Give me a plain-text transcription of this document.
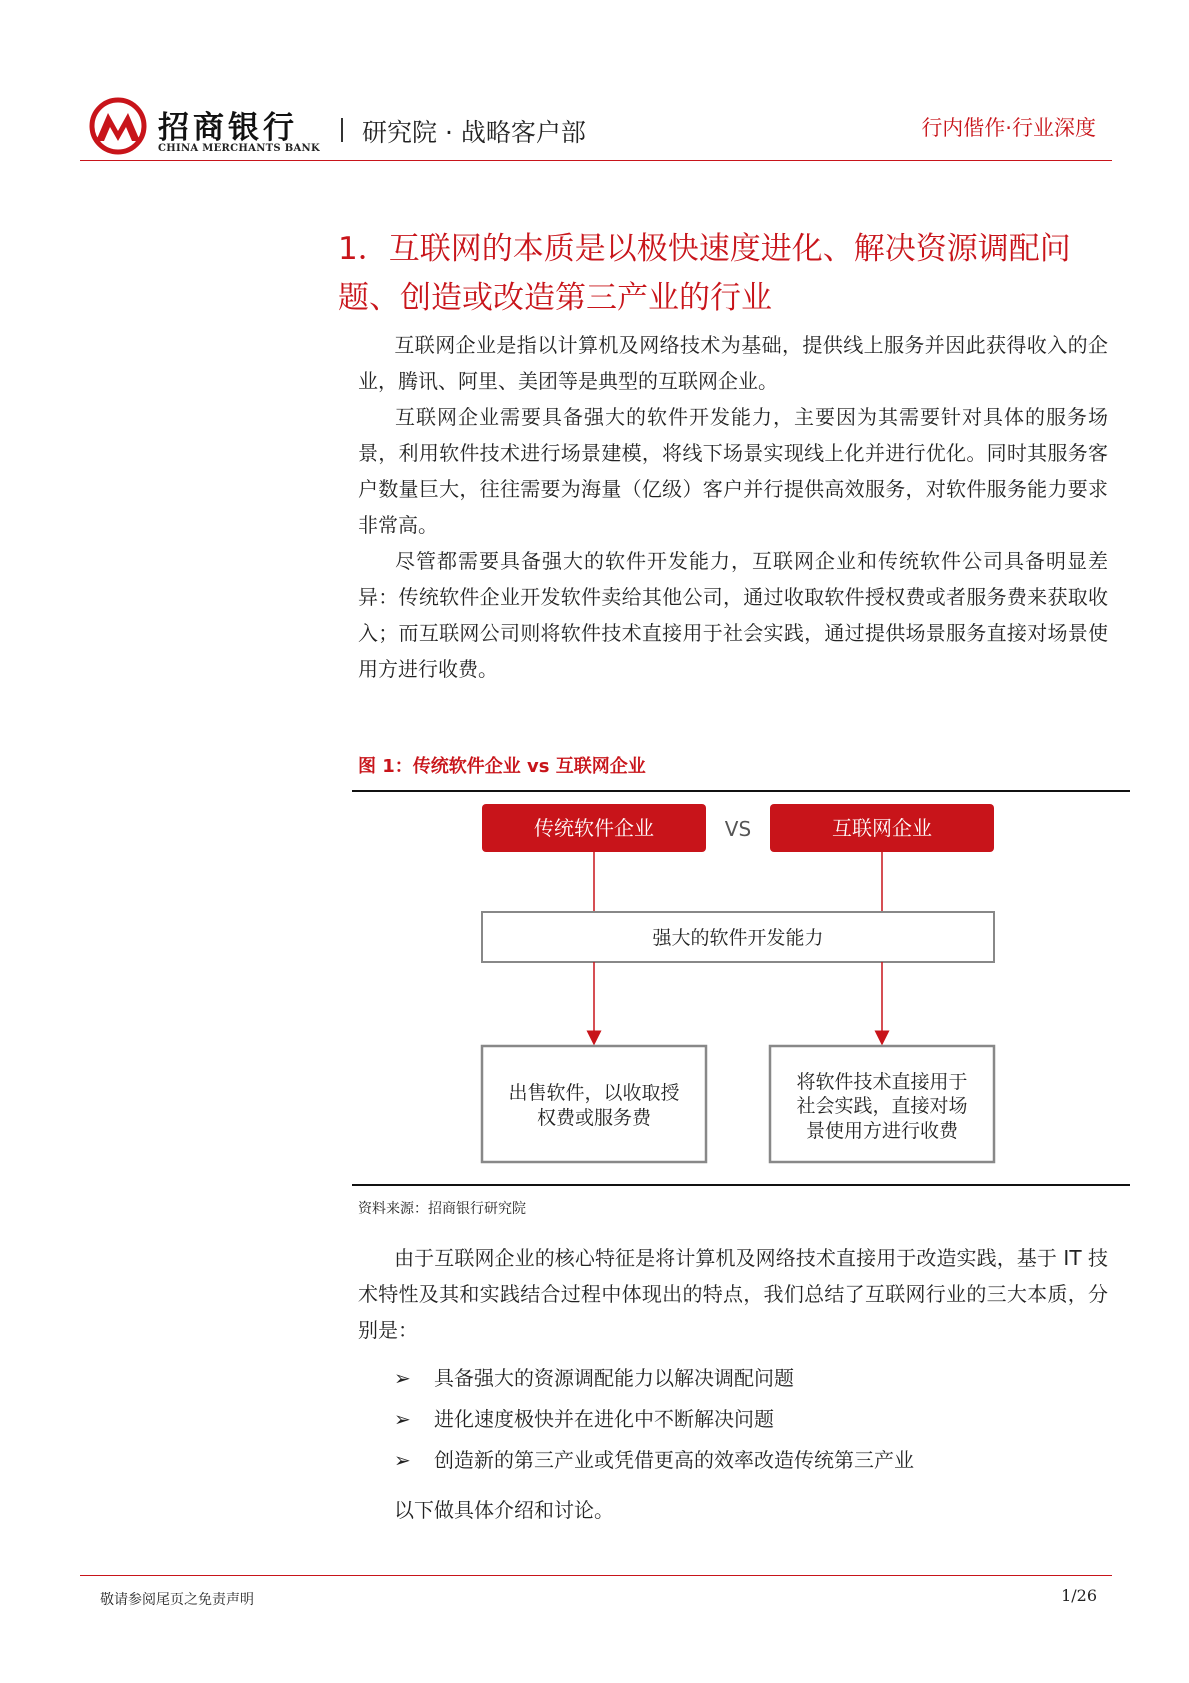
招商银行
CHINA MERCHANTS BANK
研究院 · 战略客户部	行内偕作·行业深度
1．互联网的本质是以极快速度进化、解决资源调配问题、创造或改造第三产业的行业

互联网企业是指以计算机及网络技术为基础，提供线上服务并因此获得收入的企业，腾讯、阿里、美团等是典型的互联网企业。

互联网企业需要具备强大的软件开发能力，主要因为其需要针对具体的服务场景，利用软件技术进行场景建模，将线下场景实现线上化并进行优化。同时其服务客户数量巨大，往往需要为海量（亿级）客户并行提供高效服务，对软件服务能力要求非常高。

尽管都需要具备强大的软件开发能力，互联网企业和传统软件公司具备明显差异：传统软件企业开发软件卖给其他公司，通过收取软件授权费或者服务费来获取收入；而互联网公司则将软件技术直接用于社会实践，通过提供场景服务直接对场景使用方进行收费。

图 1：传统软件企业 vs 互联网企业
传统软件企业	VS	互联网企业
强大的软件开发能力
出售软件，以收取授
权费或服务费
将软件技术直接用于
社会实践，直接对场
景使用方进行收费
资料来源：招商银行研究院

由于互联网企业的核心特征是将计算机及网络技术直接用于改造实践，基于 IT 技术特性及其和实践结合过程中体现出的特点，我们总结了互联网行业的三大本质，分别是：

➢ 具备强大的资源调配能力以解决调配问题
➢ 进化速度极快并在进化中不断解决问题
➢ 创造新的第三产业或凭借更高的效率改造传统第三产业
以下做具体介绍和讨论。
敬请参阅尾页之免责声明	1/26
